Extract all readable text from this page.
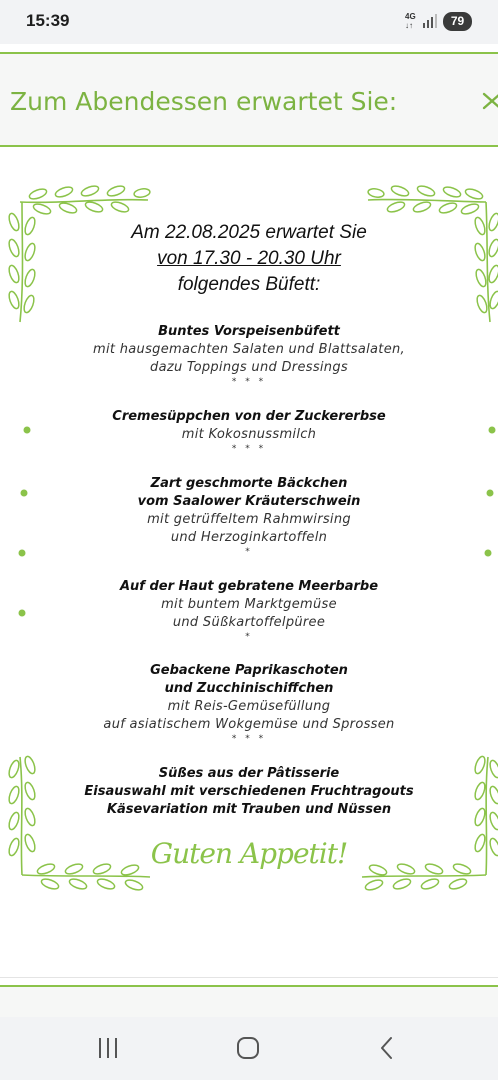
15:39	4G
↓↑	79
Zum Abendessen erwartet Sie:
Am 22.08.2025 erwartet Sie
von 17.30 - 20.30 Uhr
folgendes Büfett:
Buntes Vorspeisenbüfett
mit hausgemachten Salaten und Blattsalaten,
dazu Toppings und Dressings
* * *
Cremesüppchen von der Zuckererbse
mit Kokosnussmilch
* * *
Zart geschmorte Bäckchen
vom Saalower Kräuterschwein
mit getrüffeltem Rahmwirsing
und Herzoginkartoffeln
*
Auf der Haut gebratene Meerbarbe
mit buntem Marktgemüse
und Süßkartoffelpüree
*
Gebackene Paprikaschoten
und Zucchinischiffchen
mit Reis-Gemüsefüllung
auf asiatischem Wokgemüse und Sprossen
* * *
Süßes aus der Pâtisserie
Eisauswahl mit verschiedenen Fruchtragouts
Käsevariation mit Trauben und Nüssen
Guten Appetit!
